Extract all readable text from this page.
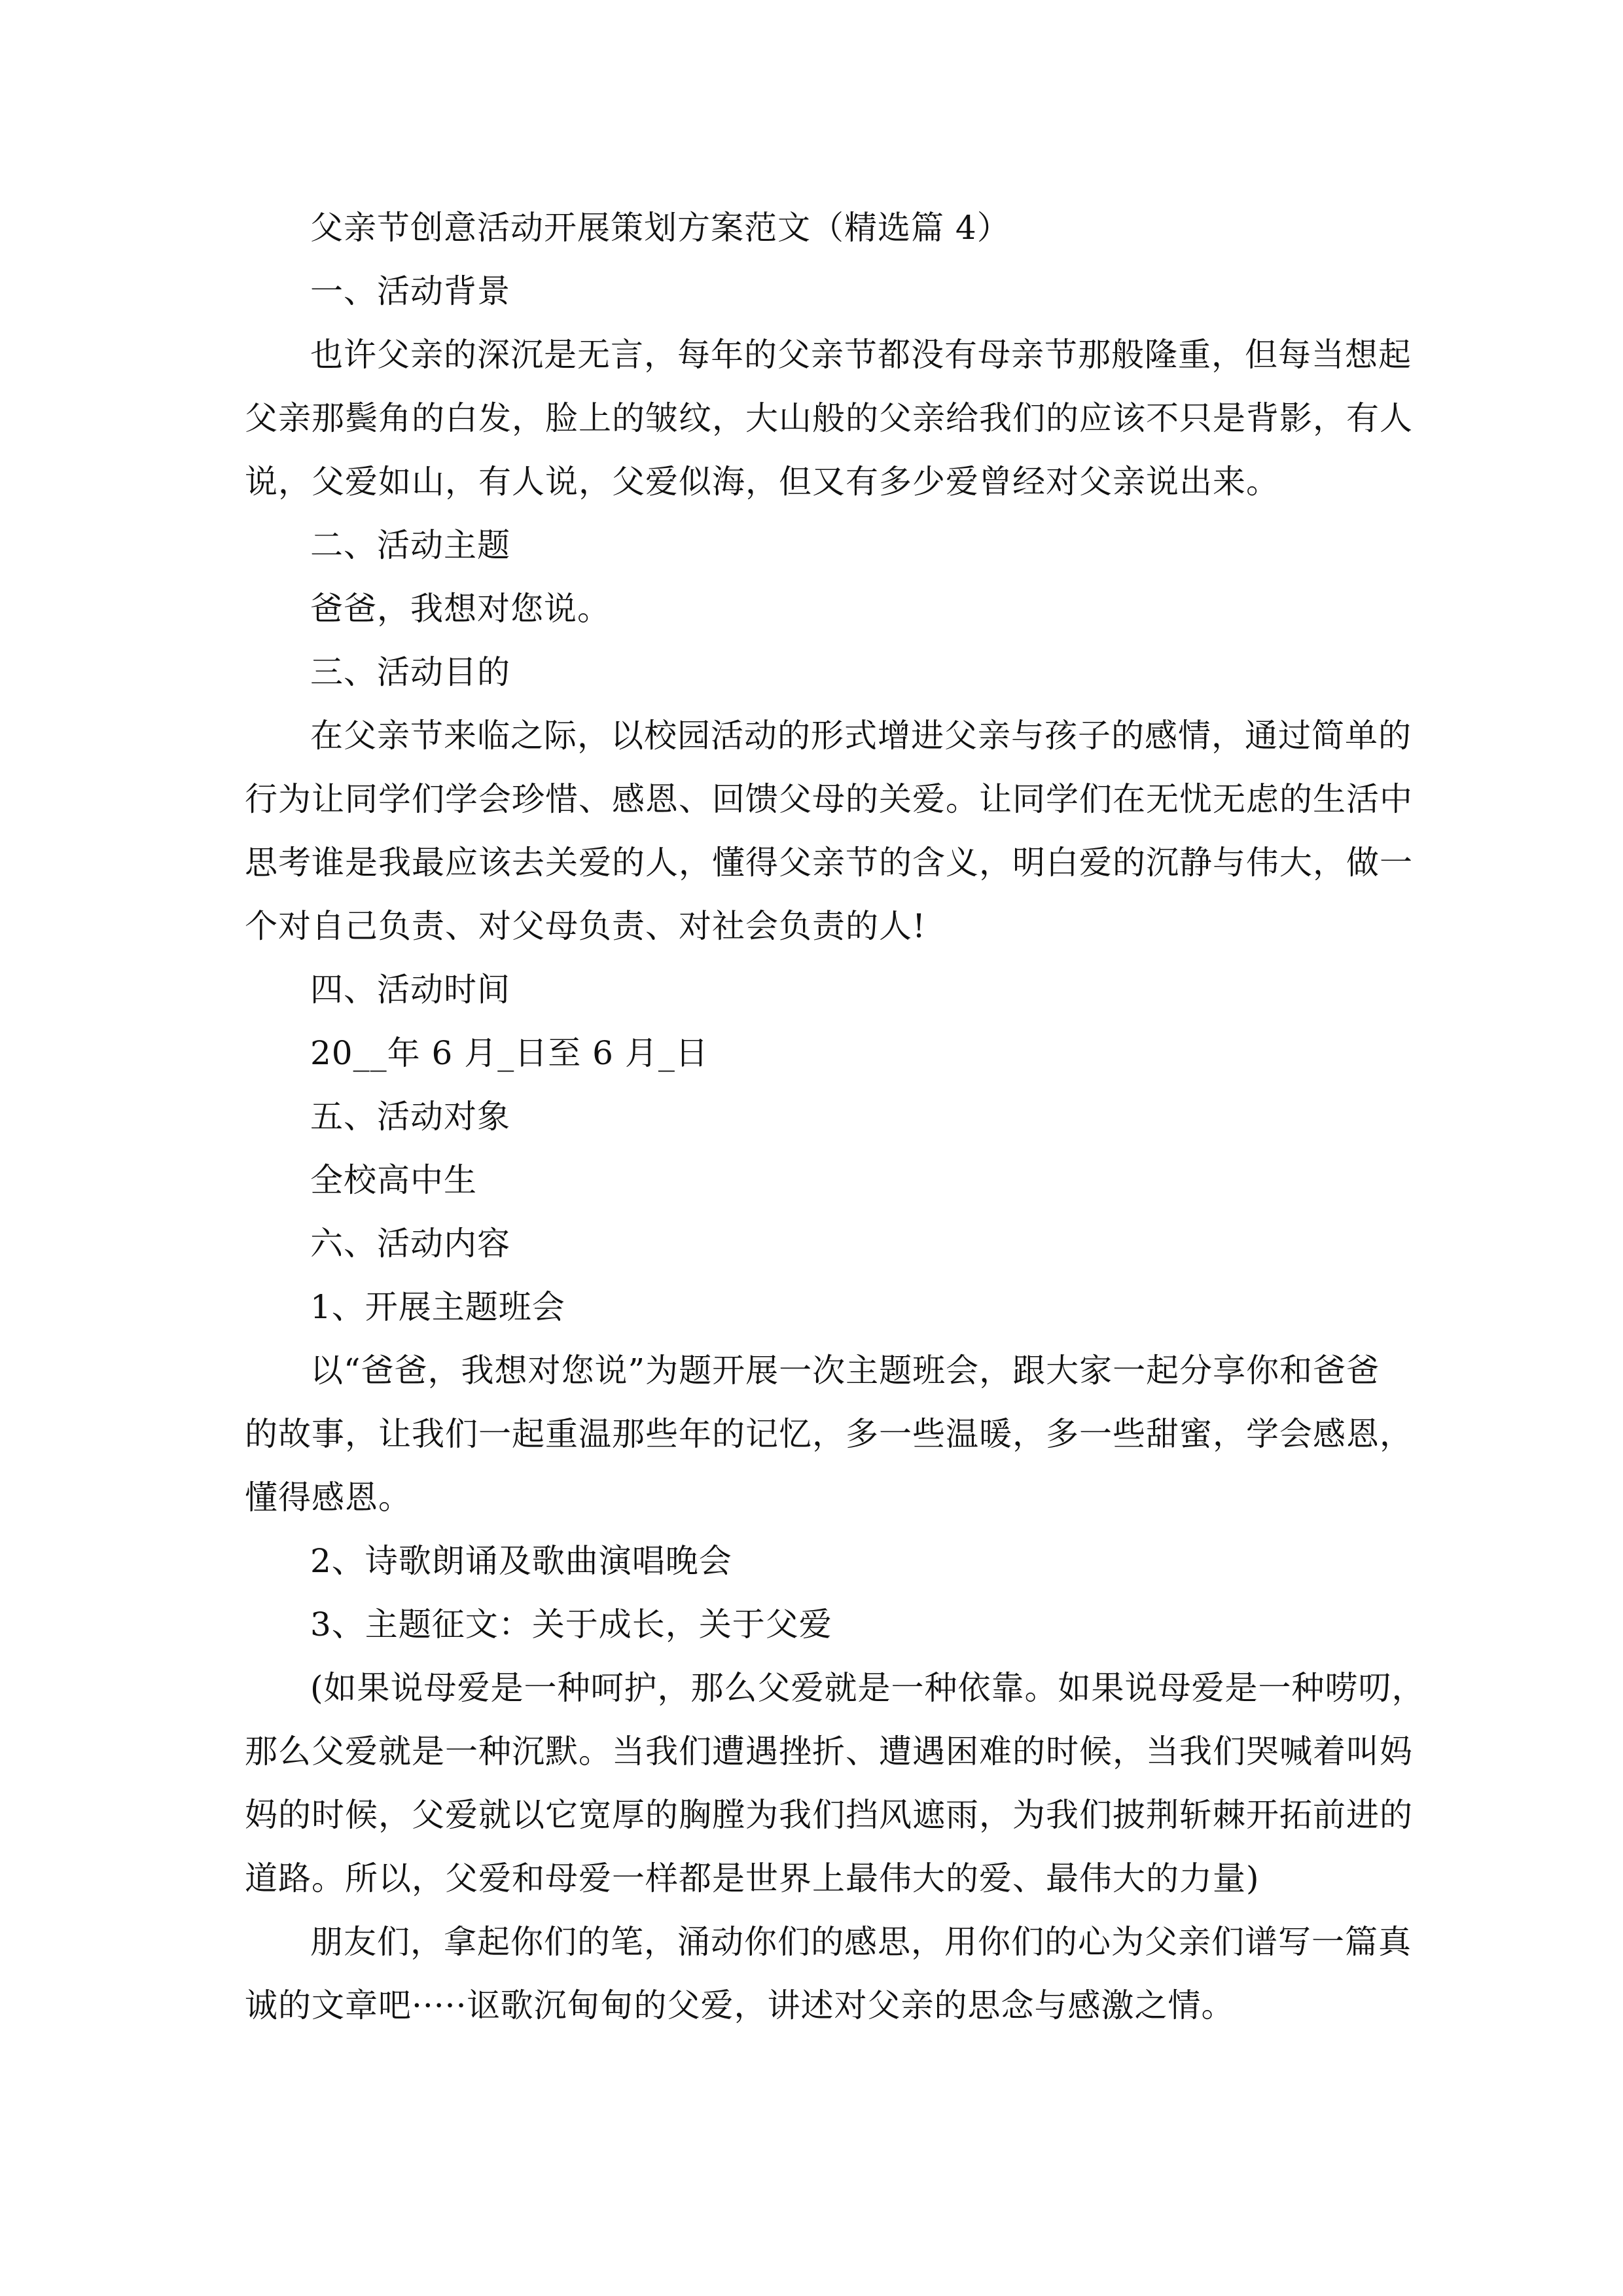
父亲节创意活动开展策划方案范文（精选篇 4）
一、活动背景
也许父亲的深沉是无言，每年的父亲节都没有母亲节那般隆重，但每当想起
父亲那鬓角的白发，脸上的皱纹，大山般的父亲给我们的应该不只是背影，有人
说，父爱如山，有人说，父爱似海，但又有多少爱曾经对父亲说出来。
二、活动主题
爸爸，我想对您说。
三、活动目的
在父亲节来临之际，以校园活动的形式增进父亲与孩子的感情，通过简单的
行为让同学们学会珍惜、感恩、回馈父母的关爱。让同学们在无忧无虑的生活中
思考谁是我最应该去关爱的人，懂得父亲节的含义，明白爱的沉静与伟大，做一
个对自己负责、对父母负责、对社会负责的人!
四、活动时间
20__年 6 月_日至 6 月_日
五、活动对象
全校高中生
六、活动内容
1、开展主题班会
以“爸爸，我想对您说”为题开展一次主题班会，跟大家一起分享你和爸爸
的故事，让我们一起重温那些年的记忆，多一些温暖，多一些甜蜜，学会感恩，
懂得感恩。
2、诗歌朗诵及歌曲演唱晚会
3、主题征文：关于成长，关于父爱
(如果说母爱是一种呵护，那么父爱就是一种依靠。如果说母爱是一种唠叨，
那么父爱就是一种沉默。当我们遭遇挫折、遭遇困难的时候，当我们哭喊着叫妈
妈的时候，父爱就以它宽厚的胸膛为我们挡风遮雨，为我们披荆斩棘开拓前进的
道路。所以，父爱和母爱一样都是世界上最伟大的爱、最伟大的力量)
朋友们，拿起你们的笔，涌动你们的感思，用你们的心为父亲们谱写一篇真
诚的文章吧·····讴歌沉甸甸的父爱，讲述对父亲的思念与感激之情。
